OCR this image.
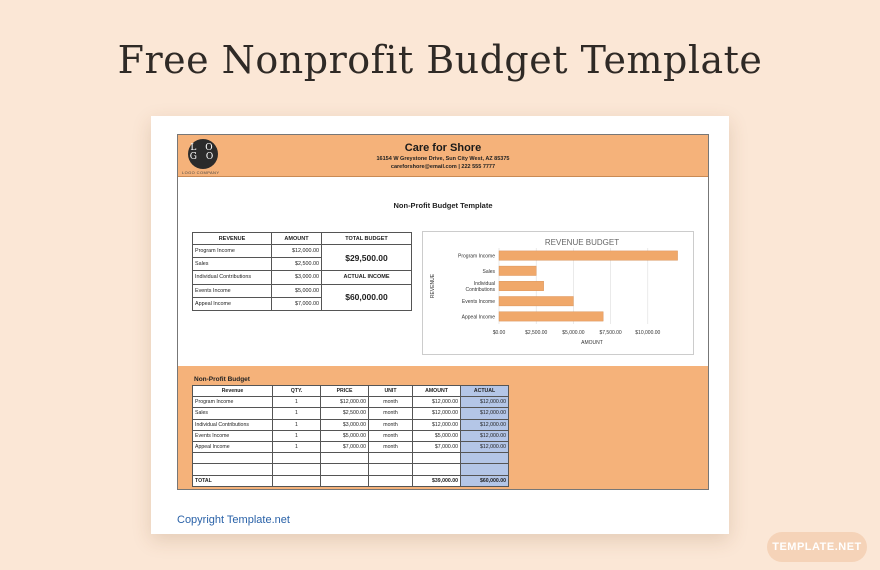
Free Nonprofit Budget Template
L O
G O
LOGO COMPANY
Care for Shore
16154 W Greystone Drive, Sun City West, AZ 85375
careforshore@email.com | 222 555 7777
Non-Profit Budget Template
REVENUE	AMOUNT	TOTAL BUDGET
Program Income	$12,000.00	$29,500.00
Sales	$2,500.00	
Individual Contributions	$3,000.00	ACTUAL INCOME
Events Income	$5,000.00	$60,000.00
Appeal Income	$7,000.00	
REVENUE BUDGET
$0.00	$2,500.00	$5,000.00	$7,500.00	$10,000.00
Program Income
Sales
Individual
Contributions
Events Income
Appeal Income
AMOUNT
REVENUE
Non-Profit Budget
Revenue	QTY.	PRICE	UNIT	AMOUNT	ACTUAL
Program Income	1	$12,000.00	month	$12,000.00	$12,000.00
Sales	1	$2,500.00	month	$12,000.00	$12,000.00
Individual Contributions	1	$3,000.00	month	$12,000.00	$12,000.00
Events Income	1	$5,000.00	month	$5,000.00	$12,000.00
Appeal Income	1	$7,000.00	month	$7,000.00	$12,000.00

TOTAL				$39,000.00	$60,000.00
Copyright Template.net
TEMPLATE.NET
